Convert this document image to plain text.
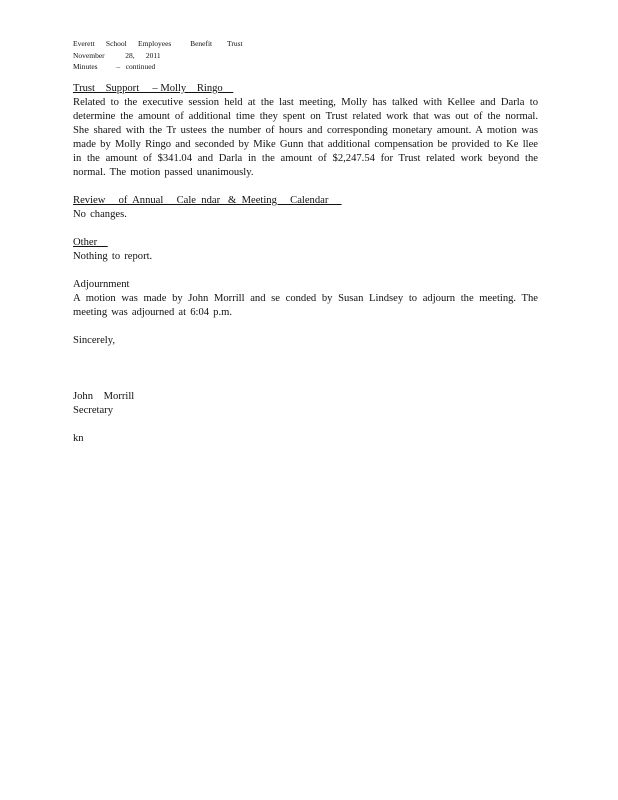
Everett      School      Employees          Benefit        Trust
November           28,      2011
Minutes          –   continued
Trust    Support     – Molly    Ringo
Related to the executive session held at the last meeting, Molly has talked with Kellee and Darla to determine the amount of additional time they spent on Trust related work that was out of the normal. She shared with the Tr ustees the number of hours and corresponding monetary amount. A motion was made by Molly Ringo and seconded by Mike Gunn that additional compensation be provided to Ke llee in the amount of $341.04 and Darla in the amount of $2,247.54 for Trust related work beyond the normal. The motion passed unanimously.
Review     of  Annual     Cale  ndar   &  Meeting     Calendar
No changes.
Other
Nothing to report.
Adjournment
A motion was made by John Morrill and se conded by Susan Lindsey to adjourn the meeting. The meeting was adjourned at 6:04 p.m.
Sincerely,
John    Morrill
Secretary
kn
